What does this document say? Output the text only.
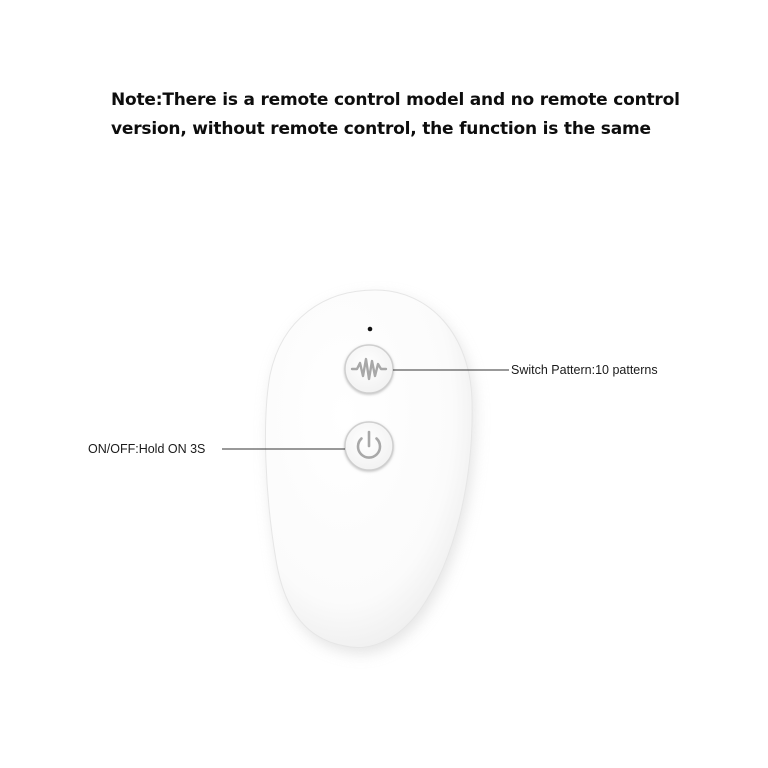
Note:There is a remote control model and no remote control
version, without remote control, the function is the same

Switch Pattern:10 patterns
ON/OFF:Hold ON 3S
